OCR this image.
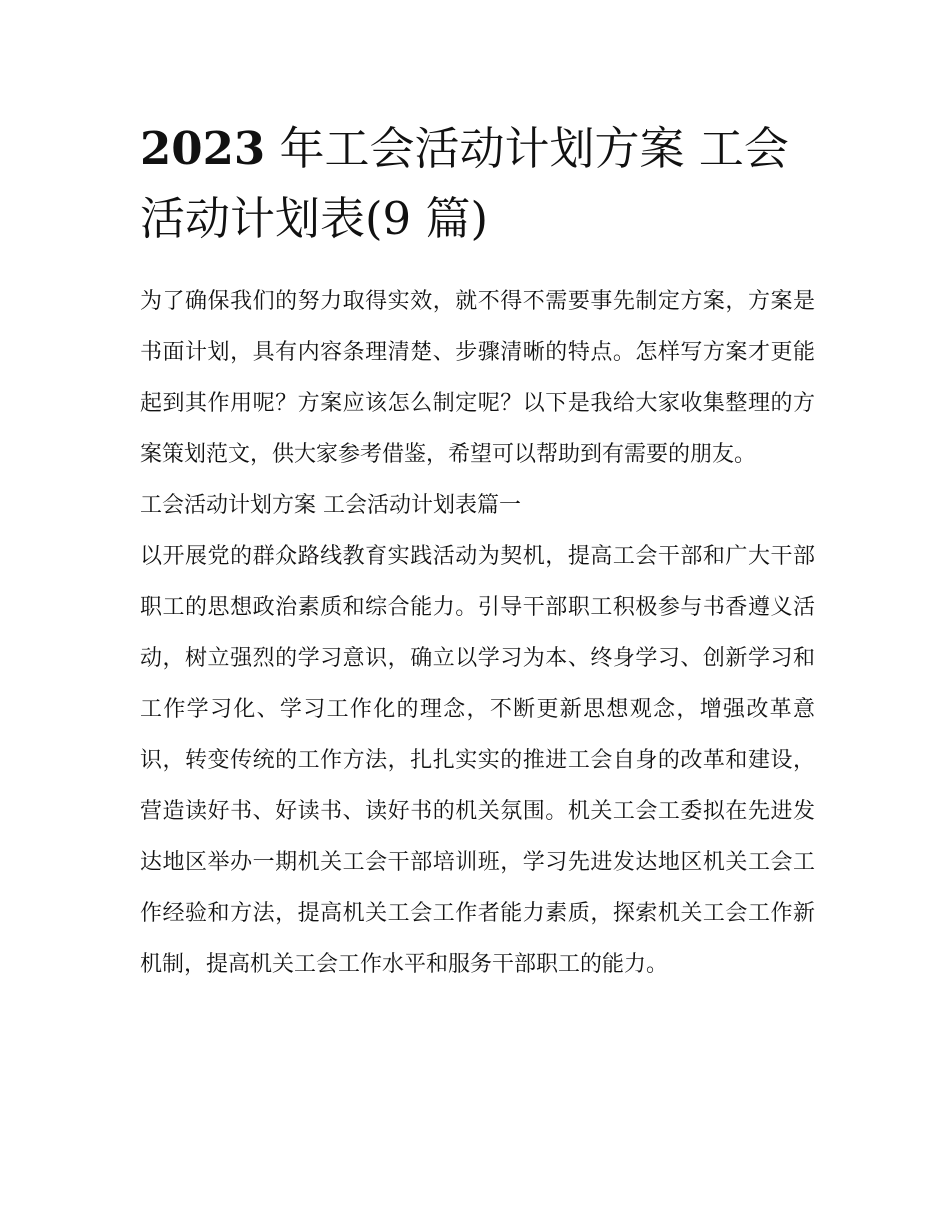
2023 年工会活动计划方案 工会活动计划表(9 篇)

为了确保我们的努力取得实效，就不得不需要事先制定方案，方案是书面计划，具有内容条理清楚、步骤清晰的特点。怎样写方案才更能起到其作用呢？方案应该怎么制定呢？以下是我给大家收集整理的方案策划范文，供大家参考借鉴，希望可以帮助到有需要的朋友。

工会活动计划方案 工会活动计划表篇一

以开展党的群众路线教育实践活动为契机，提高工会干部和广大干部职工的思想政治素质和综合能力。引导干部职工积极参与书香遵义活动，树立强烈的学习意识，确立以学习为本、终身学习、创新学习和工作学习化、学习工作化的理念，不断更新思想观念，增强改革意识，转变传统的工作方法，扎扎实实的推进工会自身的改革和建设，营造读好书、好读书、读好书的机关氛围。机关工会工委拟在先进发达地区举办一期机关工会干部培训班，学习先进发达地区机关工会工作经验和方法，提高机关工会工作者能力素质，探索机关工会工作新机制，提高机关工会工作水平和服务干部职工的能力。
